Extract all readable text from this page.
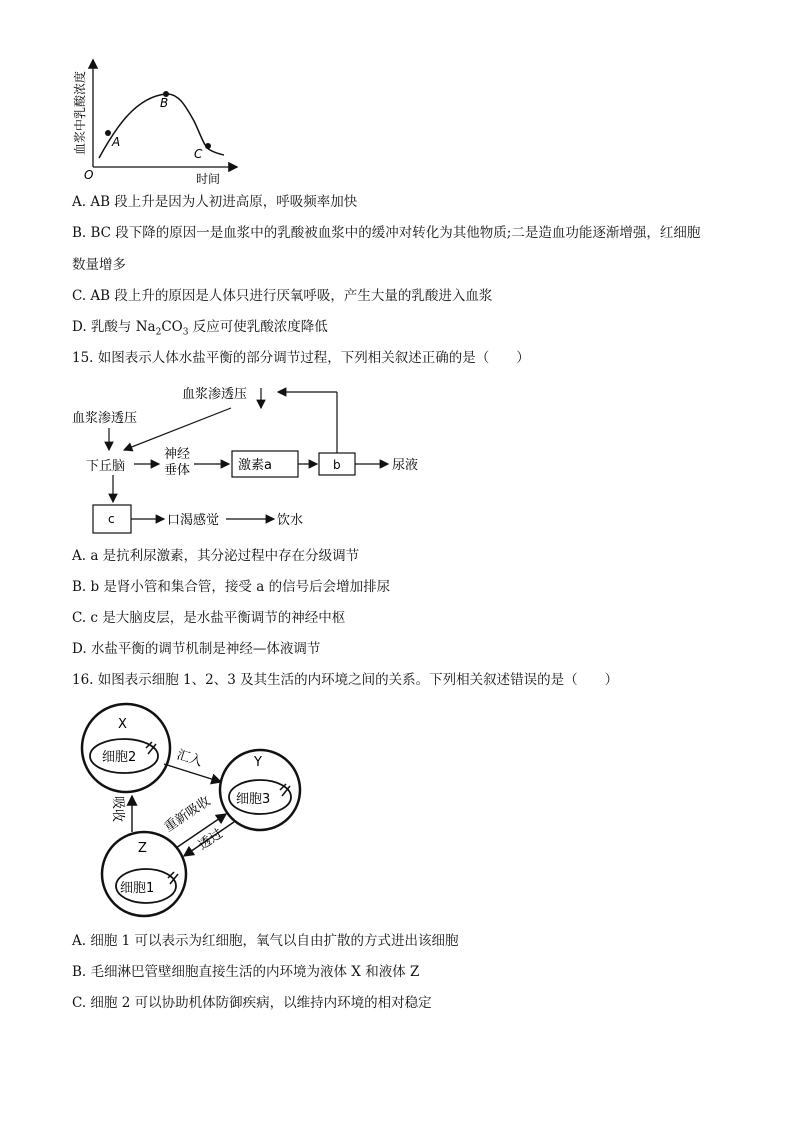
A
B
C
O	时间
血浆中乳酸浓度
A. AB 段上升是因为人初进高原，呼吸频率加快
B. BC 段下降的原因一是血浆中的乳酸被血浆中的缓冲对转化为其他物质;二是造血功能逐渐增强，红细胞
数量增多
C. AB 段上升的原因是人体只进行厌氧呼吸，产生大量的乳酸进入血浆
D. 乳酸与 $Na_2CO_3$ 反应可使乳酸浓度降低
15. 如图表示人体水盐平衡的部分调节过程，下列相关叙述正确的是（　　）
血浆渗透压
血浆渗透压
下丘脑
神经
垂体	激素a	b	尿液
c	口渴感觉	饮水
A. a 是抗利尿激素，其分泌过程中存在分级调节
B. b 是肾小管和集合管，接受 a 的信号后会增加排尿
C. c 是大脑皮层，是水盐平衡调节的神经中枢
D. 水盐平衡的调节机制是神经—体液调节
16. 如图表示细胞 1、2、3 及其生活的内环境之间的关系。下列相关叙述错误的是（　　）
X
细胞2	Y
细胞3
Z
细胞1
汇入
吸收	重新吸收
透过
A. 细胞 1 可以表示为红细胞，氧气以自由扩散的方式进出该细胞
B. 毛细淋巴管壁细胞直接生活的内环境为液体 X 和液体 Z
C. 细胞 2 可以协助机体防御疾病，以维持内环境的相对稳定
